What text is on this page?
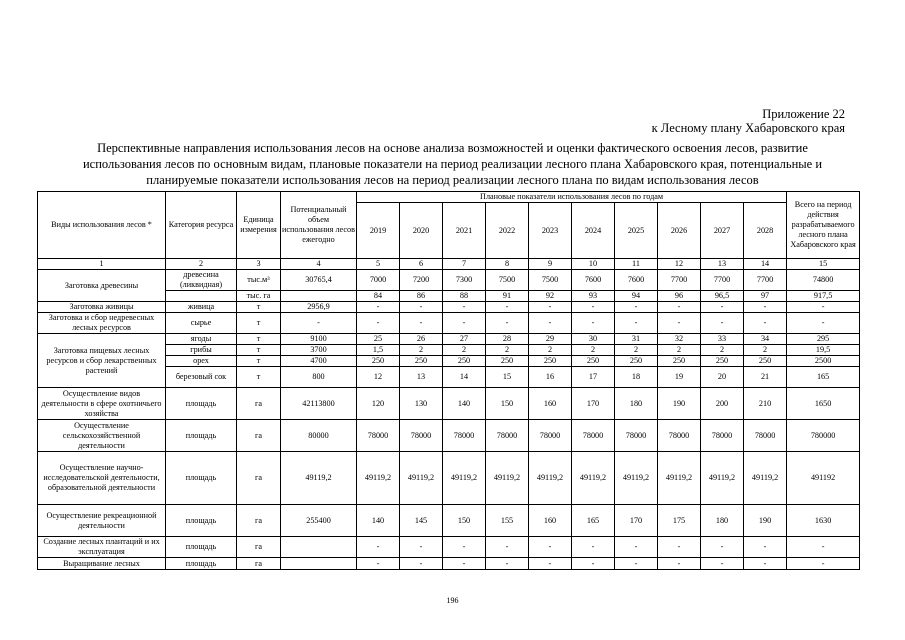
Приложение 22
к Лесному плану Хабаровского края
Перспективные направления использования лесов на основе анализа возможностей и оценки фактического освоения лесов, развитие
использования лесов по основным видам, плановые показатели на период реализации лесного плана Хабаровского края, потенциальные и
планируемые показатели использования лесов на период реализации лесного плана по видам использования лесов
Виды использования лесов *	Категория ресурса	Единица измерения	Потенциальный объем использования лесов ежегодно	Плановые показатели использования лесов по годам										Всего на период действия разрабатываемого лесного плана Хабаровского края
				2019	2020	2021	2022	2023	2024	2025	2026	2027	2028	
1	2	3	4	5	6	7	8	9	10	11	12	13	14	15
Заготовка древесины	древесина (ликвидная)	тыс.м³	30765,4	7000	7200	7300	7500	7500	7600	7600	7700	7700	7700	74800
		тыс. га		84	86	88	91	92	93	94	96	96,5	97	917,5
Заготовка живицы	живица	т	2956,9	-	-	-	-	-	-	-	-	-	-	-
Заготовка и сбор недревесных лесных ресурсов	сырье	т	-	-	-	-	-	-	-	-	-	-	-	-
Заготовка пищевых лесных ресурсов и сбор лекарственных растений	ягоды	т	9100	25	26	27	28	29	30	31	32	33	34	295
	грибы	т	3700	1,5	2	2	2	2	2	2	2	2	2	19,5
	орех	т	4700	250	250	250	250	250	250	250	250	250	250	2500
	березовый сок	т	800	12	13	14	15	16	17	18	19	20	21	165
Осуществление видов деятельности в сфере охотничьего хозяйства	площадь	га	42113800	120	130	140	150	160	170	180	190	200	210	1650
Осуществление сельскохозяйственной деятельности	площадь	га	80000	78000	78000	78000	78000	78000	78000	78000	78000	78000	78000	780000
Осуществление научно-исследовательской деятельности, образовательной деятельности	площадь	га	49119,2	49119,2	49119,2	49119,2	49119,2	49119,2	49119,2	49119,2	49119,2	49119,2	49119,2	491192
Осуществление рекреационной деятельности	площадь	га	255400	140	145	150	155	160	165	170	175	180	190	1630
Создание лесных плантаций и их эксплуатация	площадь	га		-	-	-	-	-	-	-	-	-	-	-
Выращивание лесных	площадь	га		-	-	-	-	-	-	-	-	-	-	-
196
